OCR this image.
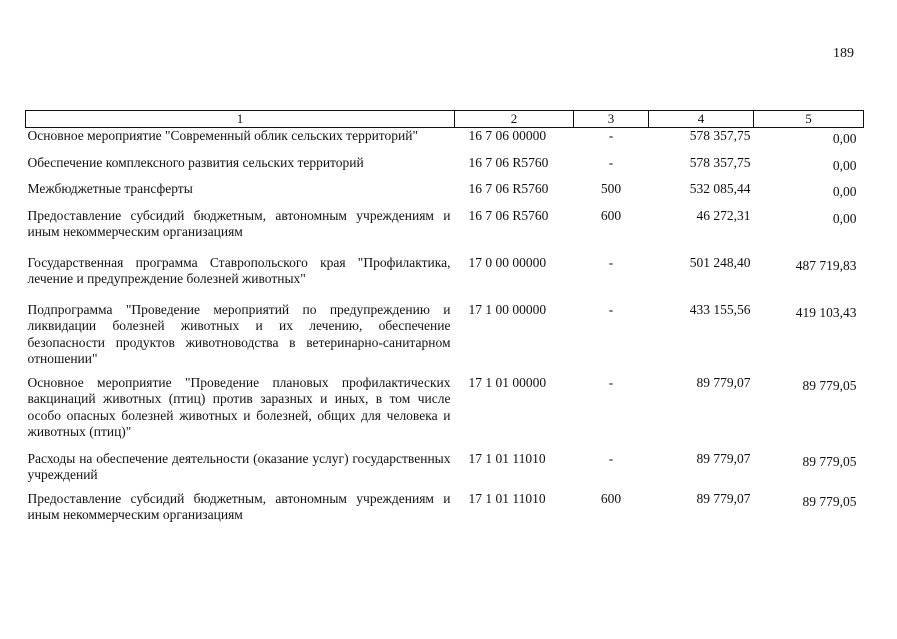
189
1	2	3	4	5
Основное мероприятие "Современный облик сельских территорий"	16 7 06 00000	-	578 357,75	0,00

Обеспечение комплексного развития сельских территорий	16 7 06 R5760	-	578 357,75	0,00

Межбюджетные трансферты	16 7 06 R5760	500	532 085,44	0,00

Предоставление субсидий бюджетным, автономным учреждениям и иным некоммерческим организациям	16 7 06 R5760	600	46 272,31	0,00

Государственная программа Ставропольского края "Профилактика, лечение и предупреждение болезней животных"	17 0 00 00000	-	501 248,40	487 719,83

Подпрограмма "Проведение мероприятий по предупреждению и ликвидации болезней животных и их лечению, обеспечение безопасности продуктов животноводства в ветеринарно-санитарном отношении"	17 1 00 00000	-	433 155,56	419 103,43

Основное мероприятие "Проведение плановых профилактических вакцинаций животных (птиц) против заразных и иных, в том числе особо опасных болезней животных и болезней, общих для человека и животных (птиц)"	17 1 01 00000	-	89 779,07	89 779,05

Расходы на обеспечение деятельности (оказание услуг) государственных учреждений	17 1 01 11010	-	89 779,07	89 779,05

Предоставление субсидий бюджетным, автономным учреждениям и иным некоммерческим организациям	17 1 01 11010	600	89 779,07	89 779,05
